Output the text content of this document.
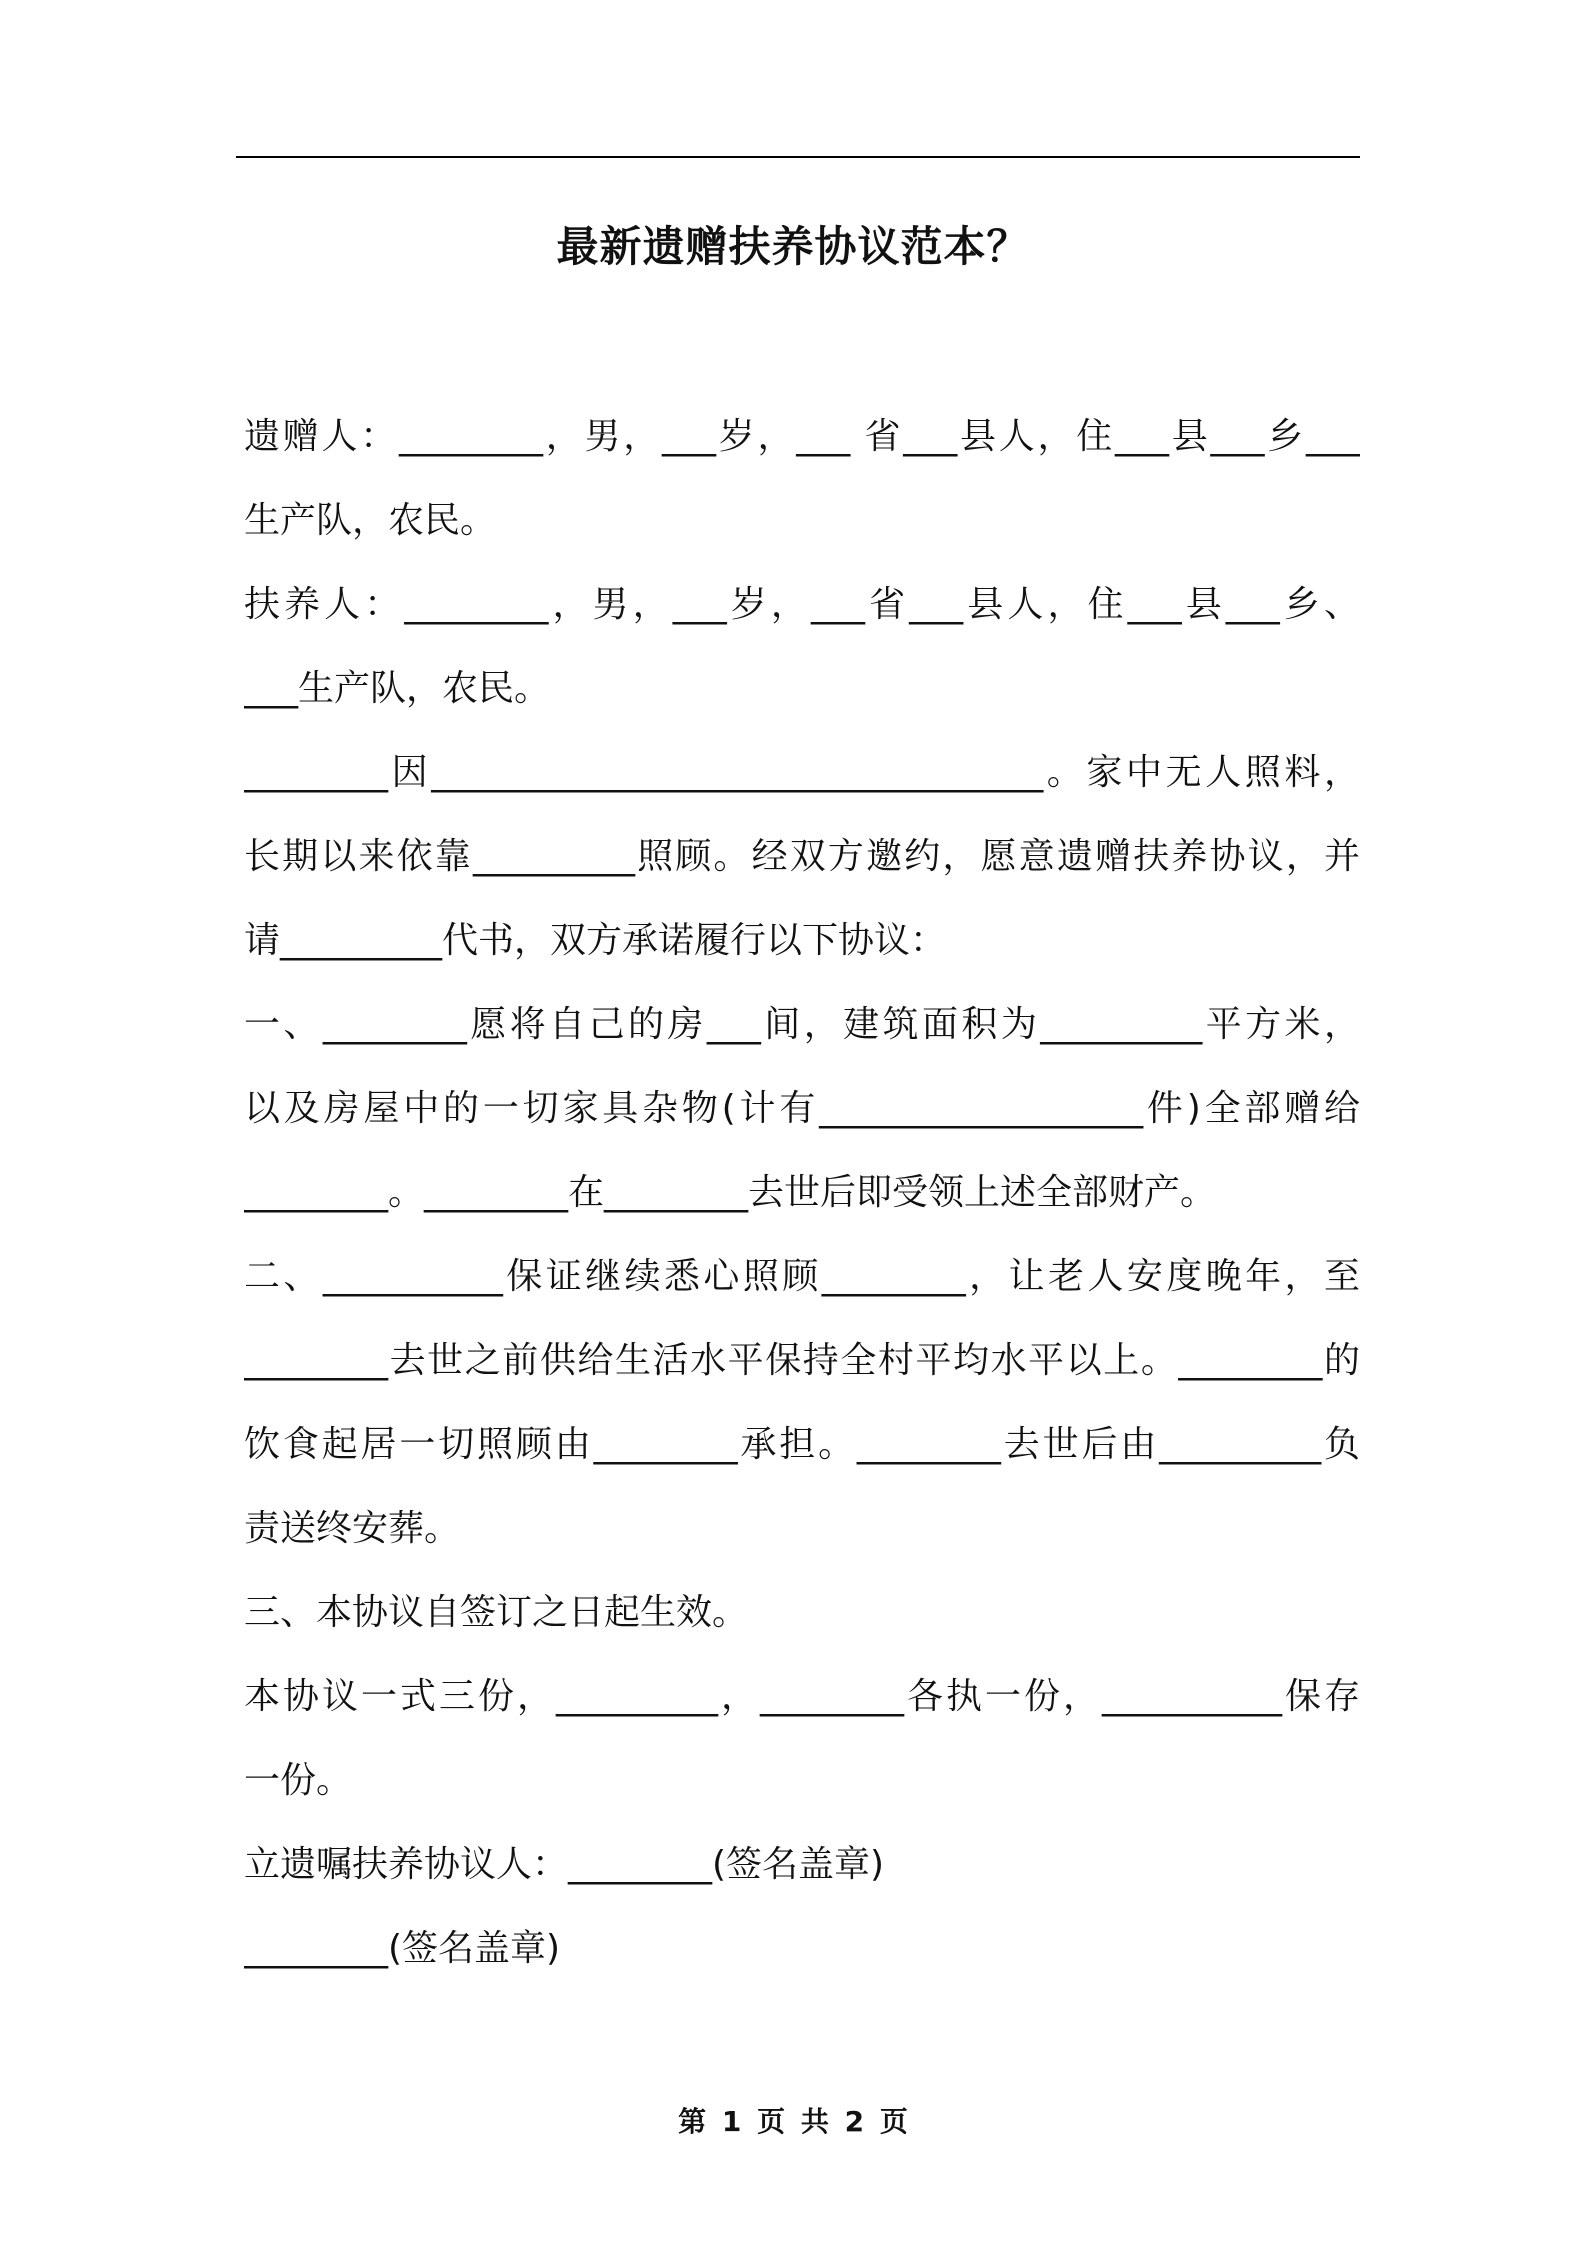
最新遗赠扶养协议范本？
遗赠人：________，男，___岁，___ 省___县人，住___县___乡___
生产队，农民。
扶养人：________，男，___岁，___省___县人，住___县___乡、
___生产队，农民。
________因__________________________________。家中无人照料，
长期以来依靠_________照顾。经双方邀约，愿意遗赠扶养协议，并
请_________代书，双方承诺履行以下协议：
一、________愿将自己的房___间，建筑面积为_________平方米，
以及房屋中的一切家具杂物(计有__________________件)全部赠给
________。________在________去世后即受领上述全部财产。
二、__________保证继续悉心照顾________，让老人安度晚年，至
________去世之前供给生活水平保持全村平均水平以上。________的
饮食起居一切照顾由________承担。________去世后由_________负
责送终安葬。
三、本协议自签订之日起生效。
本协议一式三份，_________，________各执一份，__________保存
一份。
立遗嘱扶养协议人：________(签名盖章)
________(签名盖章)
第 1 页 共 2 页
